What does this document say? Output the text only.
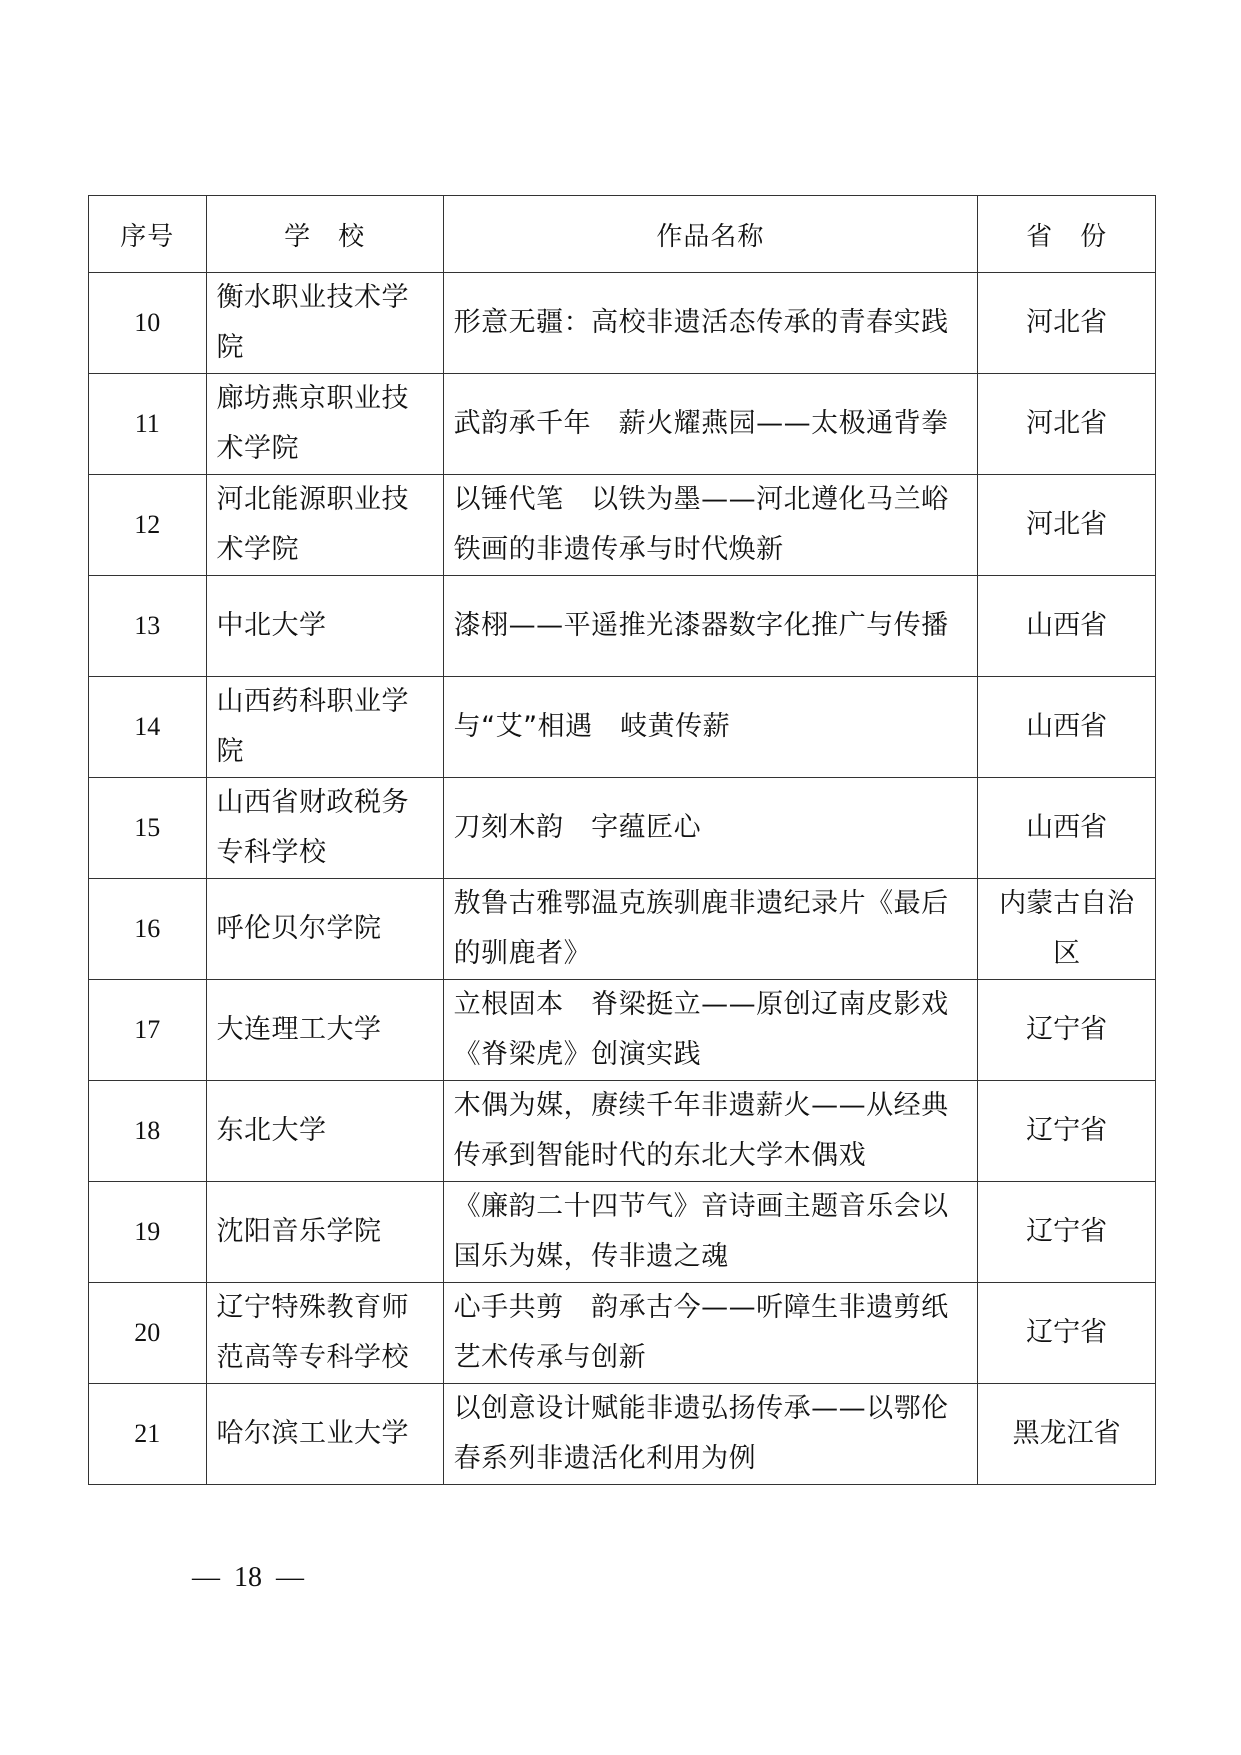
序号	学　校	作品名称	省　份
10	衡水职业技术学院	形意无疆：高校非遗活态传承的青春实践	河北省
11	廊坊燕京职业技术学院	武韵承千年　薪火耀燕园——太极通背拳	河北省
12	河北能源职业技术学院	以锤代笔　以铁为墨——河北遵化马兰峪铁画的非遗传承与时代焕新	河北省
13	中北大学	漆栩——平遥推光漆器数字化推广与传播	山西省
14	山西药科职业学院	与“艾”相遇　岐黄传薪	山西省
15	山西省财政税务专科学校	刀刻木韵　字蕴匠心	山西省
16	呼伦贝尔学院	敖鲁古雅鄂温克族驯鹿非遗纪录片《最后的驯鹿者》	内蒙古自治区
17	大连理工大学	立根固本　脊梁挺立——原创辽南皮影戏《脊梁虎》创演实践	辽宁省
18	东北大学	木偶为媒，赓续千年非遗薪火——从经典传承到智能时代的东北大学木偶戏	辽宁省
19	沈阳音乐学院	《廉韵二十四节气》音诗画主题音乐会以国乐为媒，传非遗之魂	辽宁省
20	辽宁特殊教育师范高等专科学校	心手共剪　韵承古今——听障生非遗剪纸艺术传承与创新	辽宁省
21	哈尔滨工业大学	以创意设计赋能非遗弘扬传承——以鄂伦春系列非遗活化利用为例	黑龙江省
—  18  —
